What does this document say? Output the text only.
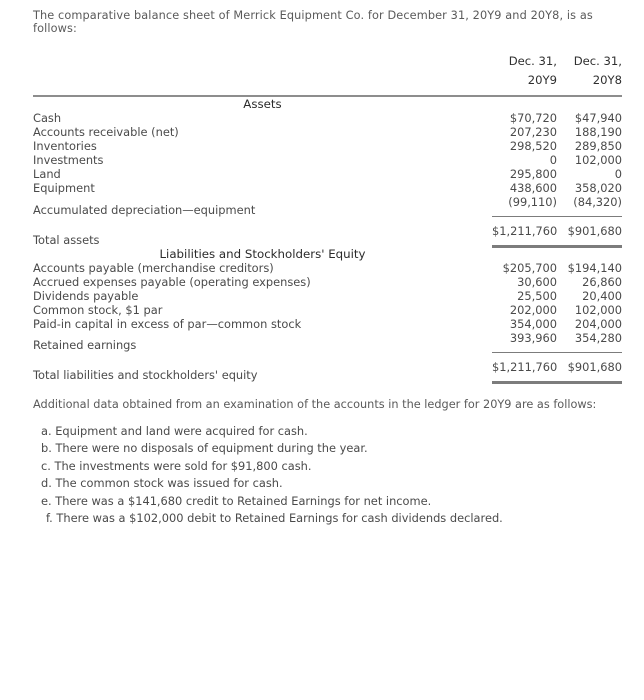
The comparative balance sheet of Merrick Equipment Co. for December 31, 20Y9 and 20Y8, is as follows:
	Dec. 31,	Dec. 31,
	20Y9	20Y8

Assets		
Cash	$70,720	$47,940
Accounts receivable (net)	207,230	188,190
Inventories	298,520	289,850
Investments	0	102,000
Land	295,800	0
Equipment	438,600	358,020
Accumulated depreciation—equipment	(99,110)	(84,320)
Total assets	$1,211,760	$901,680
Liabilities and Stockholders' Equity		
Accounts payable (merchandise creditors)	$205,700	$194,140
Accrued expenses payable (operating expenses)	30,600	26,860
Dividends payable	25,500	20,400
Common stock, $1 par	202,000	102,000
Paid-in capital in excess of par—common stock	354,000	204,000
Retained earnings	393,960	354,280
Total liabilities and stockholders' equity	$1,211,760	$901,680
Additional data obtained from an examination of the accounts in the ledger for 20Y9 are as follows:
a. Equipment and land were acquired for cash.
b. There were no disposals of equipment during the year.
c. The investments were sold for $91,800 cash.
d. The common stock was issued for cash.
e. There was a $141,680 credit to Retained Earnings for net income.
f. There was a $102,000 debit to Retained Earnings for cash dividends declared.
